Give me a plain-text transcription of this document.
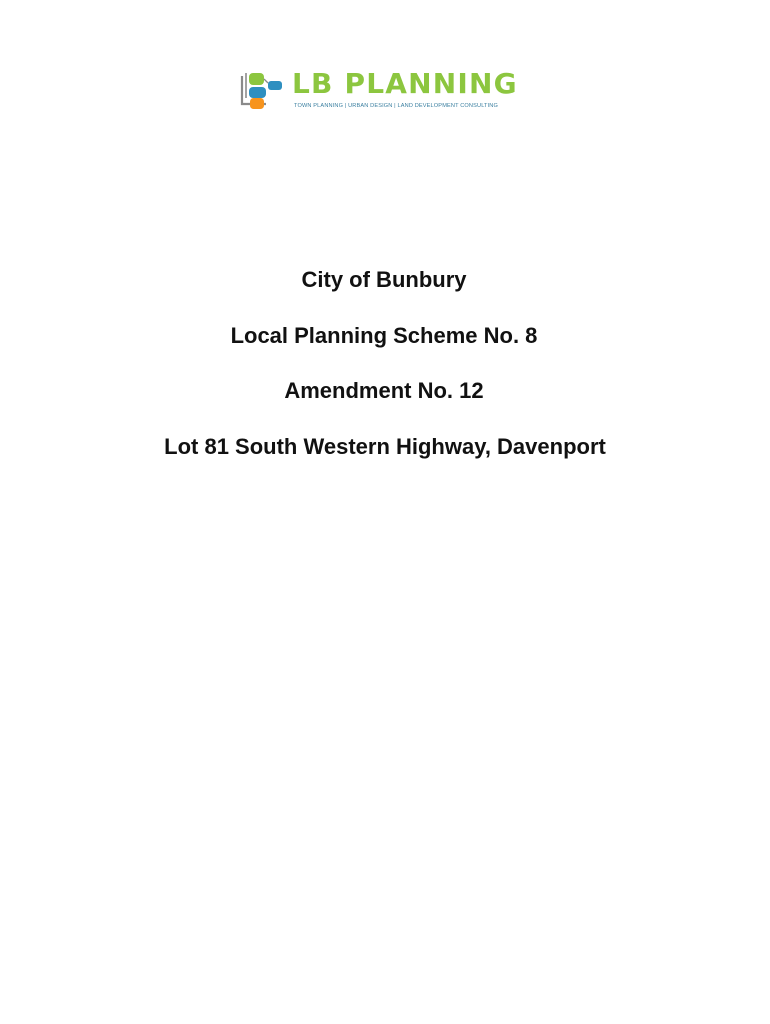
LB PLANNING
TOWN PLANNING | URBAN DESIGN | LAND DEVELOPMENT CONSULTING
City of Bunbury
Local Planning Scheme No. 8
Amendment No. 12
Lot 81 South Western Highway, Davenport
